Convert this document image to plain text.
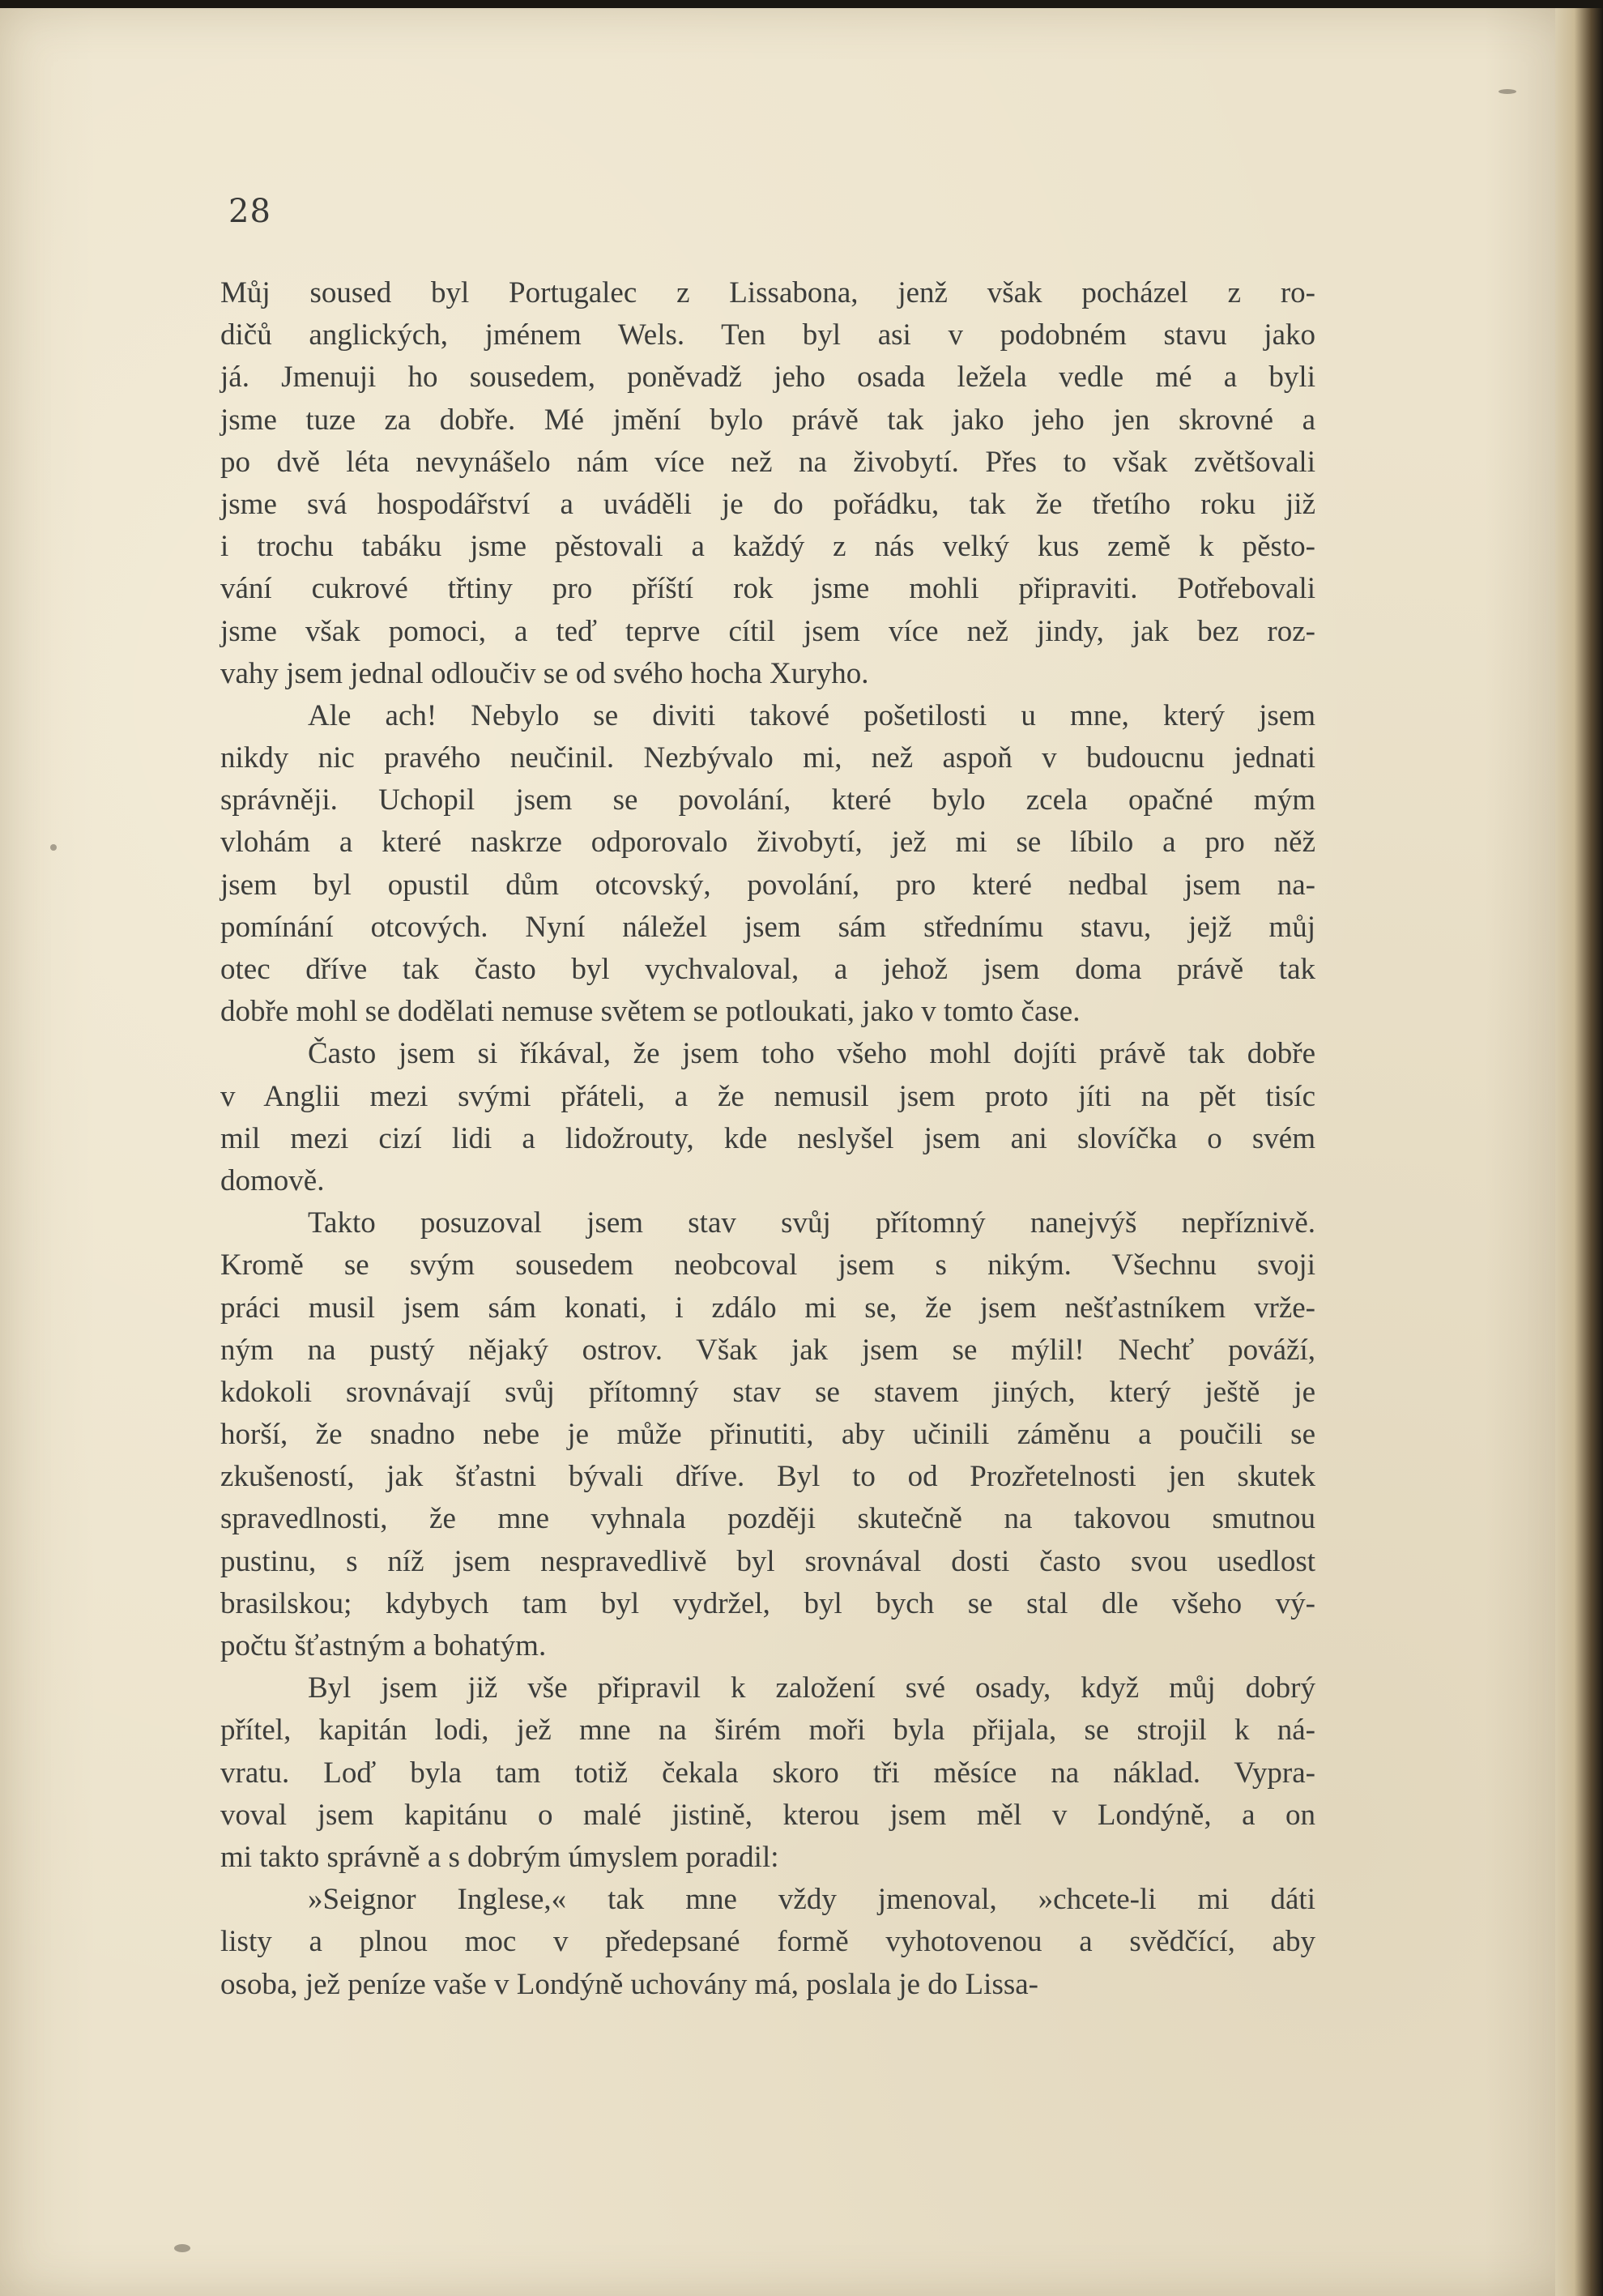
28
Můj soused byl Portugalec z Lissabona, jenž však pocházel z ro-
dičů anglických, jménem Wels. Ten byl asi v podobném stavu jako
já. Jmenuji ho sousedem, poněvadž jeho osada ležela vedle mé a byli
jsme tuze za dobře. Mé jmění bylo právě tak jako jeho jen skrovné a
po dvě léta nevynášelo nám více než na živobytí. Přes to však zvětšovali
jsme svá hospodářství a uváděli je do pořádku, tak že třetího roku již
i trochu tabáku jsme pěstovali a každý z nás velký kus země k pěsto-
vání cukrové třtiny pro příští rok jsme mohli připraviti. Potřebovali
jsme však pomoci, a teď teprve cítil jsem více než jindy, jak bez roz-
vahy jsem jednal odloučiv se od svého hocha Xuryho.
Ale ach! Nebylo se diviti takové pošetilosti u mne, který jsem
nikdy nic pravého neučinil. Nezbývalo mi, než aspoň v budoucnu jednati
správněji. Uchopil jsem se povolání, které bylo zcela opačné mým
vlohám a které naskrze odporovalo živobytí, jež mi se líbilo a pro něž
jsem byl opustil dům otcovský, povolání, pro které nedbal jsem na-
pomínání otcových. Nyní náležel jsem sám střednímu stavu, jejž můj
otec dříve tak často byl vychvaloval, a jehož jsem doma právě tak
dobře mohl se dodělati nemuse světem se potloukati, jako v tomto čase.
Často jsem si říkával, že jsem toho všeho mohl dojíti právě tak dobře
v Anglii mezi svými přáteli, a že nemusil jsem proto jíti na pět tisíc
mil mezi cizí lidi a lidožrouty, kde neslyšel jsem ani slovíčka o svém
domově.
Takto posuzoval jsem stav svůj přítomný nanejvýš nepříznivě.
Kromě se svým sousedem neobcoval jsem s nikým. Všechnu svoji
práci musil jsem sám konati, i zdálo mi se, že jsem nešťastníkem vrže-
ným na pustý nějaký ostrov. Však jak jsem se mýlil! Nechť pováží,
kdokoli srovnávají svůj přítomný stav se stavem jiných, který ještě je
horší, že snadno nebe je může přinutiti, aby učinili záměnu a poučili se
zkušeností, jak šťastni bývali dříve. Byl to od Prozřetelnosti jen skutek
spravedlnosti, že mne vyhnala později skutečně na takovou smutnou
pustinu, s níž jsem nespravedlivě byl srovnával dosti často svou usedlost
brasilskou; kdybych tam byl vydržel, byl bych se stal dle všeho vý-
počtu šťastným a bohatým.
Byl jsem již vše připravil k založení své osady, když můj dobrý
přítel, kapitán lodi, jež mne na širém moři byla přijala, se strojil k ná-
vratu. Loď byla tam totiž čekala skoro tři měsíce na náklad. Vypra-
voval jsem kapitánu o malé jistině, kterou jsem měl v Londýně, a on
mi takto správně a s dobrým úmyslem poradil:
»Seignor Inglese,« tak mne vždy jmenoval, »chcete-li mi dáti
listy a plnou moc v předepsané formě vyhotovenou a svědčící, aby
osoba, jež peníze vaše v Londýně uchovány má, poslala je do Lissa-
